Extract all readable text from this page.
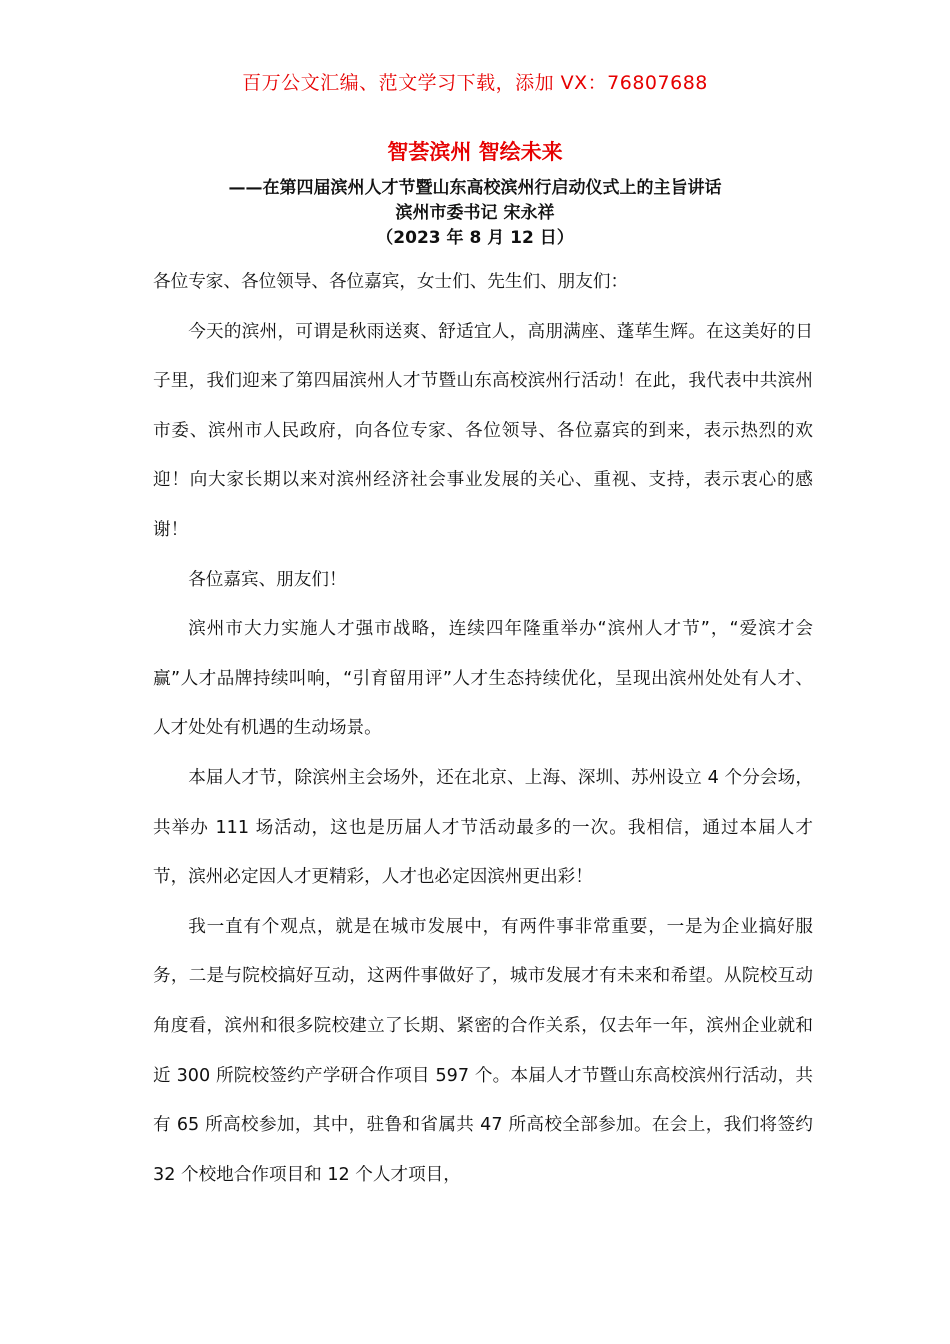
百万公文汇编、范文学习下载，添加 VX：76807688
智荟滨州 智绘未来
——在第四届滨州人才节暨山东高校滨州行启动仪式上的主旨讲话
滨州市委书记 宋永祥
（2023 年 8 月 12 日）

各位专家、各位领导、各位嘉宾，女士们、先生们、朋友们：

今天的滨州，可谓是秋雨送爽、舒适宜人，高朋满座、蓬荜生辉。在这美好的日子里，我们迎来了第四届滨州人才节暨山东高校滨州行活动！在此，我代表中共滨州市委、滨州市人民政府，向各位专家、各位领导、各位嘉宾的到来，表示热烈的欢迎！向大家长期以来对滨州经济社会事业发展的关心、重视、支持，表示衷心的感谢！

各位嘉宾、朋友们！

滨州市大力实施人才强市战略，连续四年隆重举办“滨州人才节”，“爱滨才会赢”人才品牌持续叫响，“引育留用评”人才生态持续优化，呈现出滨州处处有人才、人才处处有机遇的生动场景。

本届人才节，除滨州主会场外，还在北京、上海、深圳、苏州设立 4 个分会场，共举办 111 场活动，这也是历届人才节活动最多的一次。我相信，通过本届人才节，滨州必定因人才更精彩，人才也必定因滨州更出彩！

我一直有个观点，就是在城市发展中，有两件事非常重要，一是为企业搞好服务，二是与院校搞好互动，这两件事做好了，城市发展才有未来和希望。从院校互动角度看，滨州和很多院校建立了长期、紧密的合作关系，仅去年一年，滨州企业就和近 300 所院校签约产学研合作项目 597 个。本届人才节暨山东高校滨州行活动，共有 65 所高校参加，其中，驻鲁和省属共 47 所高校全部参加。在会上，我们将签约 32 个校地合作项目和 12 个人才项目，
